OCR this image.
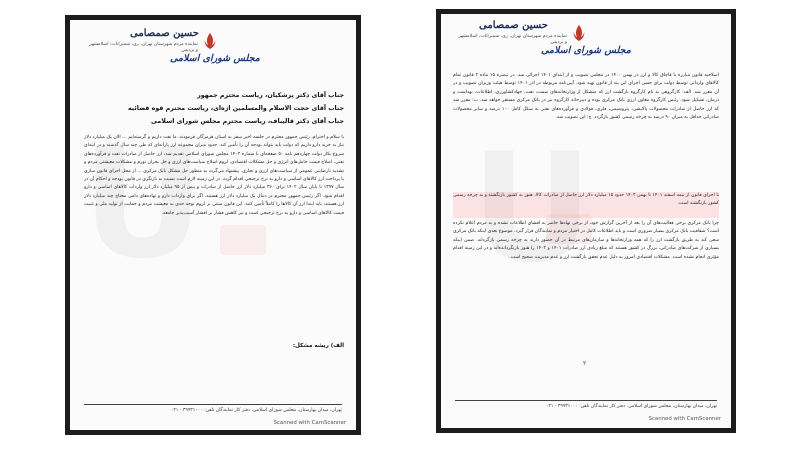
مجلس شورای اسلامی
حسین صمصامی
نماینده مردم شهرستان تهران، ری، شمیرانات، اسلامشهر و پردیس
جناب آقای دکتر پزشکیان، ریاست محترم جمهور
جناب آقای حجت الاسلام والمسلمین اژه‌ای، ریاست محترم قوه قضائیه
جناب آقای دکتر قالیباف، ریاست محترم مجلس شورای اسلامی
با سلام و احترام، رئیس جمهور محترم در جلسه اخیر سفر به استان هرمزگان فرمودند، ما نفت داریم و گرسنه‌ایم ... الان یک میلیارد دلار نیاز به خرید دارو داریم که دولت باید بتواند بودجه آن را تأمین کند. حدود میزان مجموعه ارز یارانه‌ای که طی چند سال گذشته و در ابتدای شروع بکار دولت چهاردهم نامه ۵۰ صفحه‌ای با شماره ۱۴۰۲ مجلس شورای اسلامی تقدیم شد، ارز حاصل از صادرات نفت و فرآورده‌های نفتی، اصلاح قیمت حامل‌های انرژی و حل مشکلات اقتصادی، لزوم اصلاح سیاست‌های ارزی و حل بحران تورم و مشکلات معیشتی مردم و تشدید نارضایتی عمومی از سیاست‌های ارزی و تجاری. پیشنهاد می‌گردد به منظور حل مشکل بانک مرکزی ... از محل اجرای قانون سازی با پرداخت ارز کالاهای اساسی و دارو به نرخ ترجیحی اقدام گردد. در این زمینه لازم است نسبت به بازنگری در قانون بودجه و احکام آن در سال ۱۳۹۷ تا پایان سال ۱۴۰۲ برای ۳۶۰ میلیارد دلار ارز حاصل از صادرات و بیش از ۹۵ میلیارد دلار ارز واردات کالاهای اساسی و دارو اقدام شود. اگر رئیس جمهور محترم در دنبال یک میلیارد دلار ارز هستند، اگر برای واردات دارو و نهاده‌های دامی محتاج چند میلیارد دلار ارز هستند، باید ابتدا ارز آن کالاها را کاملاً تأمین کنند. این قانون مبتنی بر لزوم توجه جدی به معیشت مردم و حمایت از تولید ملی و تثبیت قیمت کالاهای اساسی و دارو به نرخ ترجیحی است و نیز کاهش فشار بر اقشار آسیب‌پذیر جامعه.
الف) ریشه مشکل:
تهران، میدان بهارستان، مجلس شورای اسلامی، دفتر کار نمایندگان تلفن: ۳۹۹۳۱۰۰۰ - ۰۲۱
Scanned with CamScanner
مجلس شورای اسلامی
حسین صمصامی
نماینده مردم شهرستان تهران، ری، شمیرانات، اسلامشهر و پردیس
اصلاحیه قانون مبارزه با قاچاق کالا و ارز در بهمن ۱۴۰۰ در مجلس تصویب و از ابتدای ۱۴۰۱ اجرائی شد. در تبصره ۱۵ ماده ۲ قانون تمام کالاهای وارداتی توسط دولت برای حسن اجرای این بند از قانون تهیه شود. آیین‌نامه مربوطه در اذر ۱۴۰۱ توسط هیئت وزیران تصویب و در آن مقرر شد. الف: کارگروهی به نام کارگروه بازگشت ارز که متشکل از وزارتخانه‌های صمت، نفت، جهادکشاورزی، اطلاعات، بهداشت و درمان، تشکیل شود. رئیس کارگروه معاون ارزی بانک مرکزی بوده و دبیرخانه کارگروه نیز در بانک مرکزی مستقر خواهد شد. ب: مقرر شد که ارز حاصل از صادرات محصولات پالایشی، پتروشیمی، فلزی، فولادی و فرآورده‌های نفتی به شکل کامل ۱۰۰ درصد و سایر محصولات صادراتی حداقل به میزان ۹۰ درصد به چرخه رسمی کشور بازگردد. ج: این تصویب شد.
با اجرای قانون از نیمه اسفند ۱۴۰۱ تا بهمن ۱۴۰۲ حدود ۱۵ میلیارد دلار ارز حاصل از صادرات کالا، هنوز به کشور بازنگشته و به چرخه رسمی کشور بازنگشته است.
چرا بانک مرکزی برخی فعالیت‌های آن را بعد از آخرین گزارش خود، از برخی نهادها حاضر به افشای اطلاعات نشده و به مردم اعلام نکرده است؟ شفافیت بانک مرکزی بسیار ضروری است و باید اطلاعات کامل در اختیار مردم و نمایندگان قرار گیرد. موضوع بعدی اینکه بانک مرکزی سعی کند به طریق بازگشت ارز را که همه وزارتخانه‌ها و سازمان‌های مرتبط در آن حضور دارند به چرخه رسمی بازگرداند. ضمن اینکه بسیاری از شرکت‌های صادراتی، بزرگ در کشور هستند که مبلغ زیادی ارز صادرات ۱۴۰۱ و ۱۴۰۲ را هنوز بازنگردانده‌اند و در این زمینه اقدام مؤثری انجام نشده است. مشکلات اقتصادی امروز به دلیل عدم تحقق بازگشت ارز و عدم مدیریت صحیح است.
۲
تهران، میدان بهارستان، مجلس شورای اسلامی، دفتر کار نمایندگان تلفن: ۳۹۹۳۱۰۰۰ - ۰۲۱
Scanned with CamScanner
